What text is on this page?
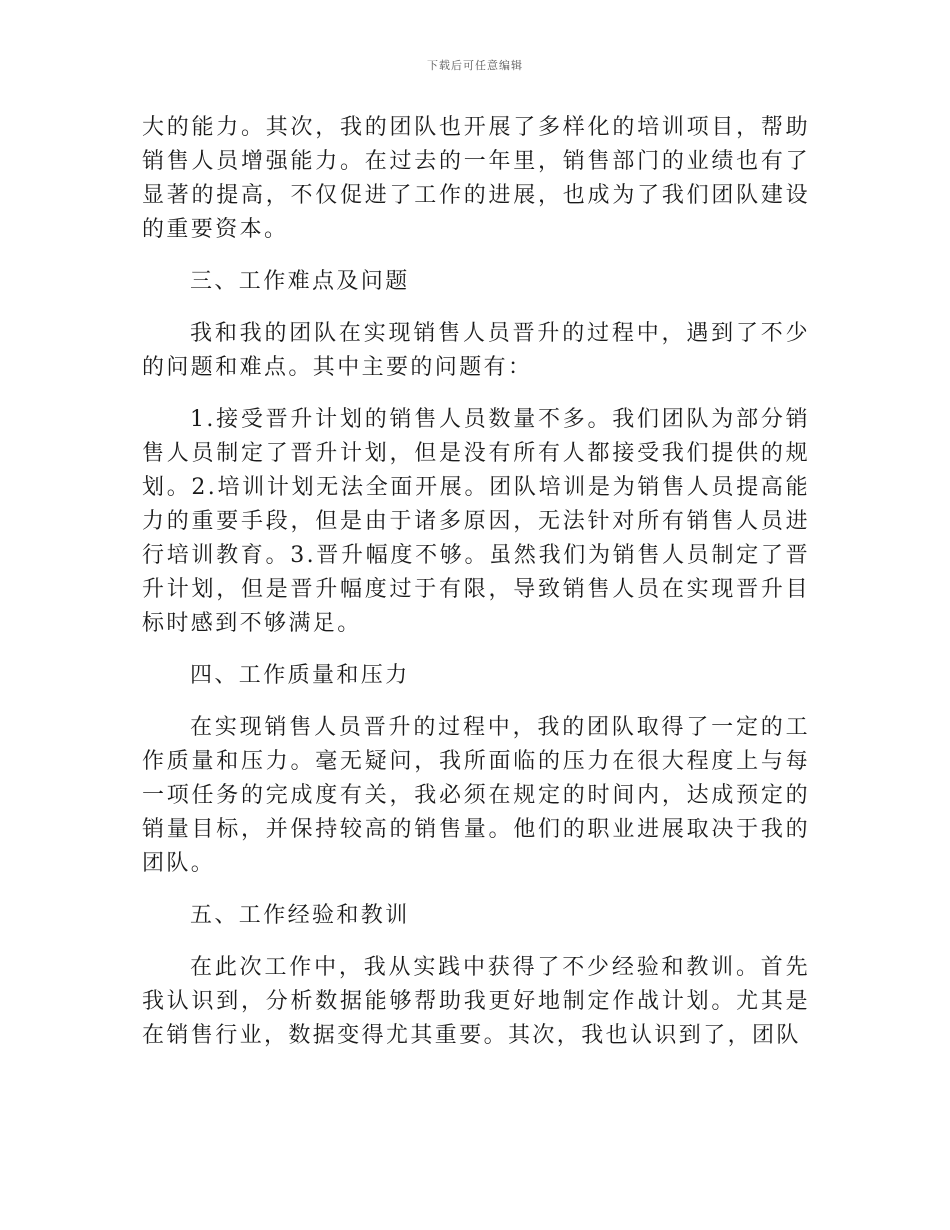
下载后可任意编辑

大的能力。其次，我的团队也开展了多样化的培训项目，帮助销售人员增强能力。在过去的一年里，销售部门的业绩也有了显著的提高，不仅促进了工作的进展，也成为了我们团队建设的重要资本。

三、工作难点及问题

我和我的团队在实现销售人员晋升的过程中，遇到了不少的问题和难点。其中主要的问题有：

1.接受晋升计划的销售人员数量不多。我们团队为部分销售人员制定了晋升计划，但是没有所有人都接受我们提供的规划。2.培训计划无法全面开展。团队培训是为销售人员提高能力的重要手段，但是由于诸多原因，无法针对所有销售人员进行培训教育。3.晋升幅度不够。虽然我们为销售人员制定了晋升计划，但是晋升幅度过于有限，导致销售人员在实现晋升目标时感到不够满足。

四、工作质量和压力

在实现销售人员晋升的过程中，我的团队取得了一定的工作质量和压力。毫无疑问，我所面临的压力在很大程度上与每一项任务的完成度有关，我必须在规定的时间内，达成预定的销量目标，并保持较高的销售量。他们的职业进展取决于我的团队。

五、工作经验和教训

在此次工作中，我从实践中获得了不少经验和教训。首先我认识到，分析数据能够帮助我更好地制定作战计划。尤其是在销售行业，数据变得尤其重要。其次，我也认识到了，团队
